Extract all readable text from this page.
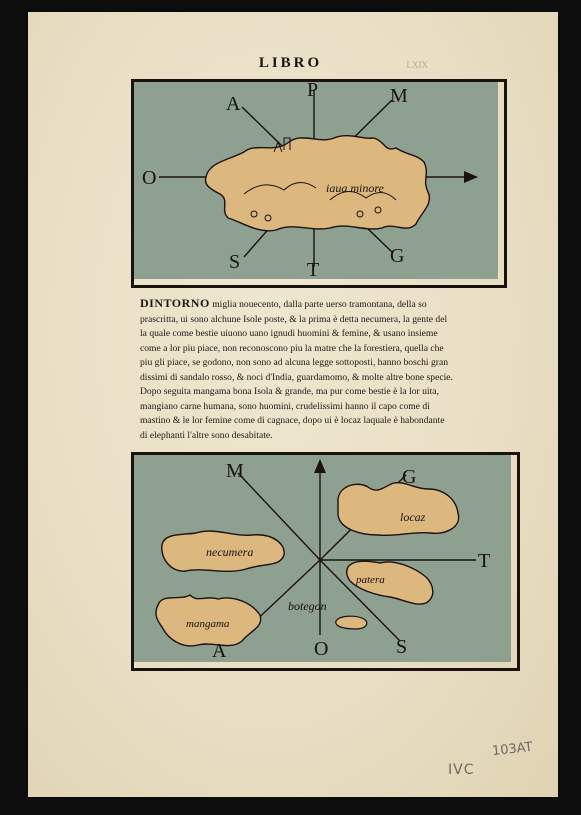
LXIX
LIBRO
iaua minore
A
P	M
O
S	G
T
DINTORNO miglia nouecento, dalla parte uerso tramontana, della so
prascritta, ui sono alchune Isole poste, & la prima è detta necumera, la gente del
la quale come bestie uiuono uano ignudi huomini & femine, & usano insieme
come a lor piu piace, non reconoscono piu la matre che la forestiera, quella che
piu gli piace, se godono, non sono ad alcuna legge sottoposti, hanno boschi gran
dissimi di sandalo rosso, & noci d'India, guardamomo, & molte altre bone specie.
Dopo seguita mangama bona Isola & grande, ma pur come bestie è la lor uita,
mangiano carne humana, sono huomini, crudelissimi hanno il capo come di
mastino & le lor femine come di cagnace, dopo ui è locaz laquale è habondante
di elephanti l'altre sono desabitate.
necumera
mangama
locaz
patera
botegon
M	G
T
S
O
A
103AT
IVC
